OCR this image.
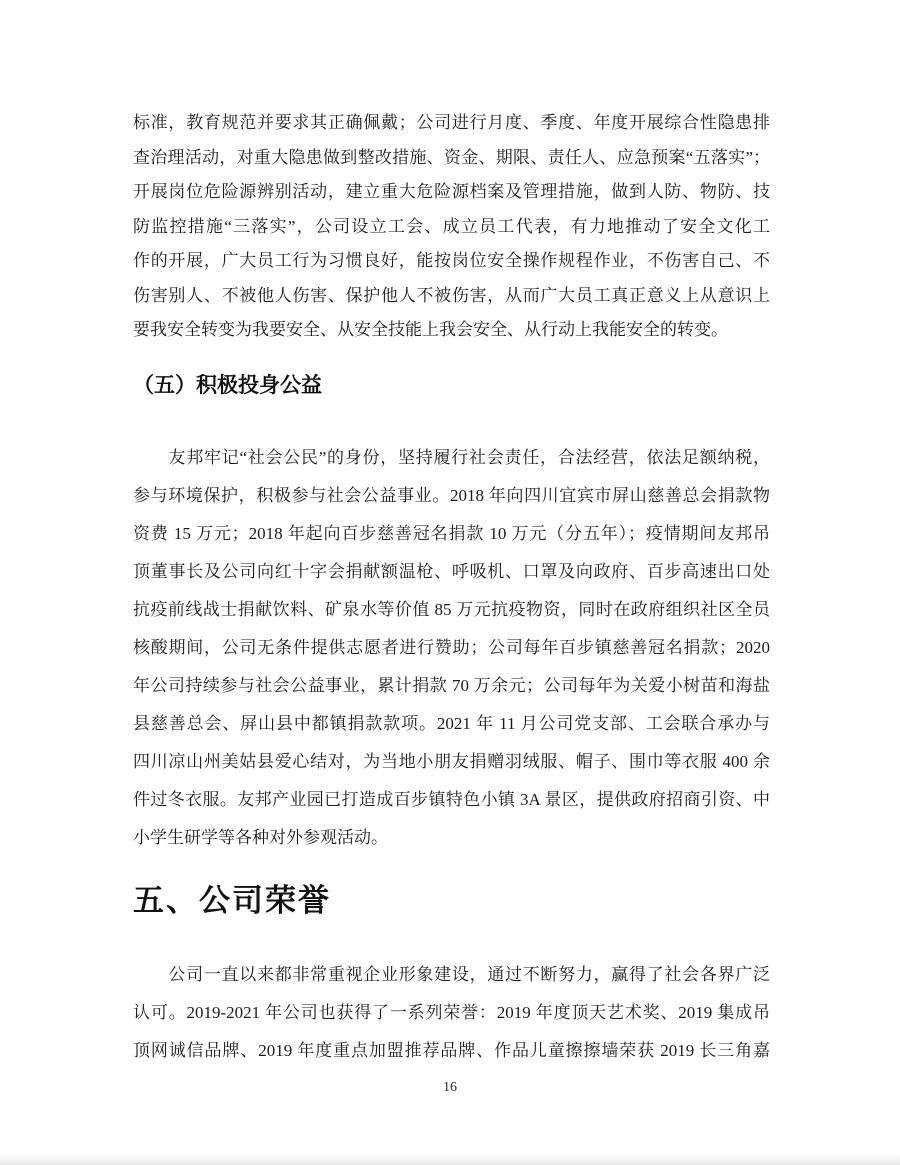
标准，教育规范并要求其正确佩戴；公司进行月度、季度、年度开展综合性隐患排
查治理活动，对重大隐患做到整改措施、资金、期限、责任人、应急预案“五落实”；
开展岗位危险源辨别活动，建立重大危险源档案及管理措施，做到人防、物防、技
防监控措施“三落实”，公司设立工会、成立员工代表，有力地推动了安全文化工
作的开展，广大员工行为习惯良好，能按岗位安全操作规程作业，不伤害自己、不
伤害别人、不被他人伤害、保护他人不被伤害，从而广大员工真正意义上从意识上
要我安全转变为我要安全、从安全技能上我会安全、从行动上我能安全的转变。
（五）积极投身公益
　　友邦牢记“社会公民”的身份，坚持履行社会责任，合法经营，依法足额纳税，
参与环境保护，积极参与社会公益事业。2018 年向四川宜宾市屏山慈善总会捐款物
资费 15 万元；2018 年起向百步慈善冠名捐款 10 万元（分五年）；疫情期间友邦吊
顶董事长及公司向红十字会捐献额温枪、呼吸机、口罩及向政府、百步高速出口处
抗疫前线战士捐献饮料、矿泉水等价值 85 万元抗疫物资，同时在政府组织社区全员
核酸期间，公司无条件提供志愿者进行赞助；公司每年百步镇慈善冠名捐款；2020
年公司持续参与社会公益事业，累计捐款 70 万余元；公司每年为关爱小树苗和海盐
县慈善总会、屏山县中都镇捐款款项。2021 年 11 月公司党支部、工会联合承办与
四川凉山州美姑县爱心结对，为当地小朋友捐赠羽绒服、帽子、围巾等衣服 400 余
件过冬衣服。友邦产业园已打造成百步镇特色小镇 3A 景区，提供政府招商引资、中
小学生研学等各种对外参观活动。
五、公司荣誉
　　公司一直以来都非常重视企业形象建设，通过不断努力，赢得了社会各界广泛
认可。2019-2021 年公司也获得了一系列荣誉：2019 年度顶天艺术奖、2019 集成吊
顶网诚信品牌、2019 年度重点加盟推荐品牌、作品儿童擦擦墙荣获 2019 长三角嘉
16
